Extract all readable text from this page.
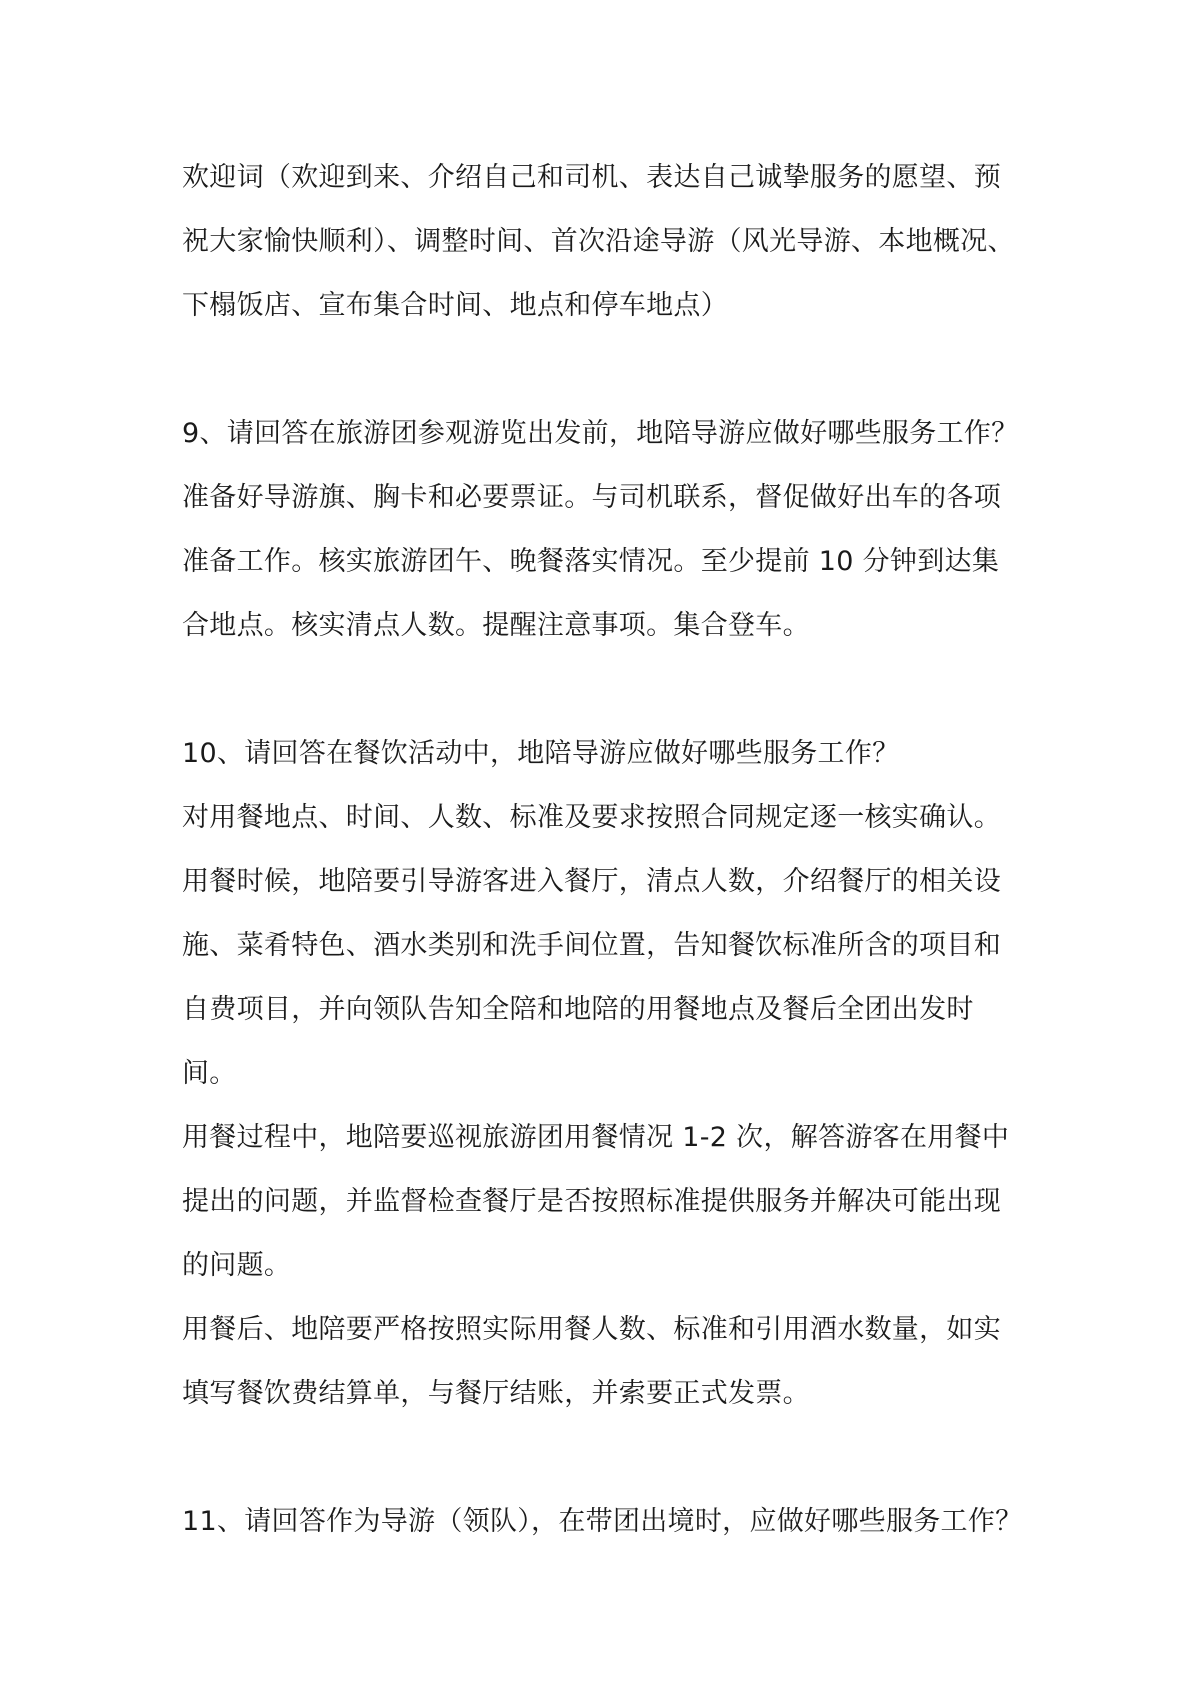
欢迎词（欢迎到来、介绍自己和司机、表达自己诚挚服务的愿望、预
祝大家愉快顺利）、调整时间、首次沿途导游（风光导游、本地概况、
下榻饭店、宣布集合时间、地点和停车地点）
9、请回答在旅游团参观游览出发前，地陪导游应做好哪些服务工作？
准备好导游旗、胸卡和必要票证。与司机联系，督促做好出车的各项
准备工作。核实旅游团午、晚餐落实情况。至少提前 10 分钟到达集
合地点。核实清点人数。提醒注意事项。集合登车。
10、请回答在餐饮活动中，地陪导游应做好哪些服务工作？
对用餐地点、时间、人数、标准及要求按照合同规定逐一核实确认。
用餐时候，地陪要引导游客进入餐厅，清点人数，介绍餐厅的相关设
施、菜肴特色、酒水类别和洗手间位置，告知餐饮标准所含的项目和
自费项目，并向领队告知全陪和地陪的用餐地点及餐后全团出发时
间。
用餐过程中，地陪要巡视旅游团用餐情况 1-2 次，解答游客在用餐中
提出的问题，并监督检查餐厅是否按照标准提供服务并解决可能出现
的问题。
用餐后、地陪要严格按照实际用餐人数、标准和引用酒水数量，如实
填写餐饮费结算单，与餐厅结账，并索要正式发票。
11、请回答作为导游（领队），在带团出境时，应做好哪些服务工作？
